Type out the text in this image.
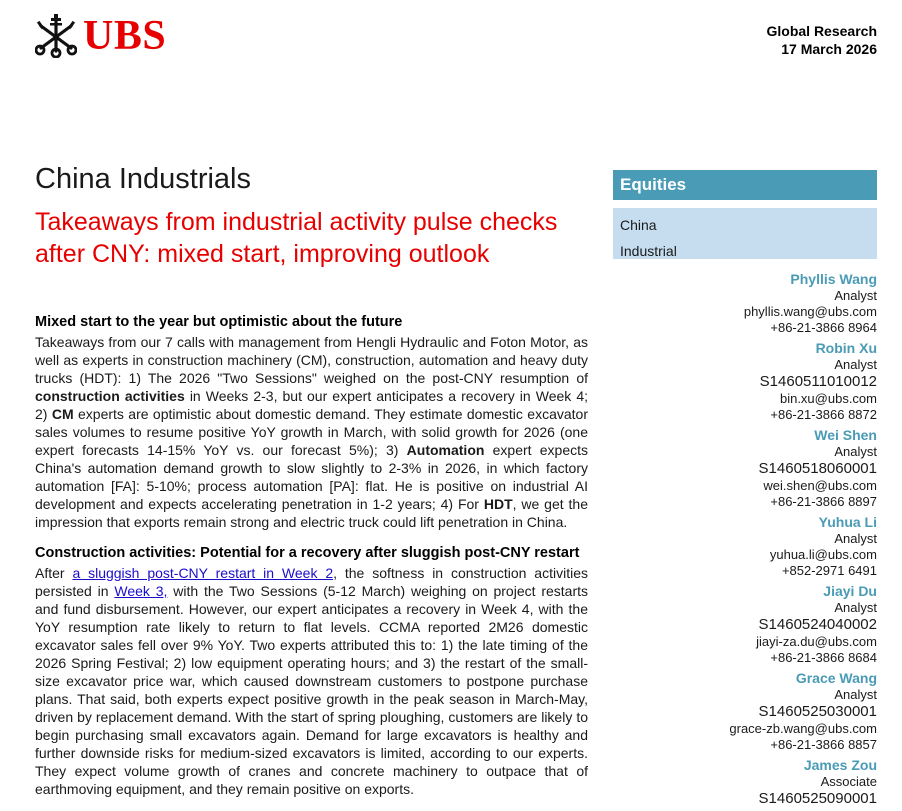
UBS	Global Research
17 March 2026
China Industrials
Takeaways from industrial activity pulse checks after CNY: mixed start, improving outlook

Mixed start to the year but optimistic about the future

Takeaways from our 7 calls with management from Hengli Hydraulic and Foton Motor, as well as experts in construction machinery (CM), construction, automation and heavy duty trucks (HDT): 1) The 2026 "Two Sessions" weighed on the post-CNY resumption of construction activities in Weeks 2-3, but our expert anticipates a recovery in Week 4; 2) CM experts are optimistic about domestic demand. They estimate domestic excavator sales volumes to resume positive YoY growth in March, with solid growth for 2026 (one expert forecasts 14-15% YoY vs. our forecast 5%); 3) Automation expert expects China's automation demand growth to slow slightly to 2-3% in 2026, in which factory automation [FA]: 5-10%; process automation [PA]: flat. He is positive on industrial AI development and expects accelerating penetration in 1-2 years; 4) For HDT, we get the impression that exports remain strong and electric truck could lift penetration in China.

Construction activities: Potential for a recovery after sluggish post-CNY restart

After a sluggish post-CNY restart in Week 2, the softness in construction activities persisted in Week 3, with the Two Sessions (5-12 March) weighing on project restarts and fund disbursement. However, our expert anticipates a recovery in Week 4, with the YoY resumption rate likely to return to flat levels. CCMA reported 2M26 domestic excavator sales fell over 9% YoY. Two experts attributed this to: 1) the late timing of the 2026 Spring Festival; 2) low equipment operating hours; and 3) the restart of the small-size excavator price war, which caused downstream customers to postpone purchase plans. That said, both experts expect positive growth in the peak season in March-May, driven by replacement demand. With the start of spring ploughing, customers are likely to begin purchasing small excavators again. Demand for large excavators is healthy and further downside risks for medium-sized excavators is limited, according to our experts. They expect volume growth of cranes and concrete machinery to outpace that of earthmoving equipment, and they remain positive on exports.

Equities
China
Industrial
Phyllis Wang
Analyst
phyllis.wang@ubs.com
+86-21-3866 8964
Robin Xu
Analyst
S1460511010012
bin.xu@ubs.com
+86-21-3866 8872
Wei Shen
Analyst
S1460518060001
wei.shen@ubs.com
+86-21-3866 8897
Yuhua Li
Analyst
yuhua.li@ubs.com
+852-2971 6491
Jiayi Du
Analyst
S1460524040002
jiayi-za.du@ubs.com
+86-21-3866 8684
Grace Wang
Analyst
S1460525030001
grace-zb.wang@ubs.com
+86-21-3866 8857
James Zou
Associate
S1460525090001
